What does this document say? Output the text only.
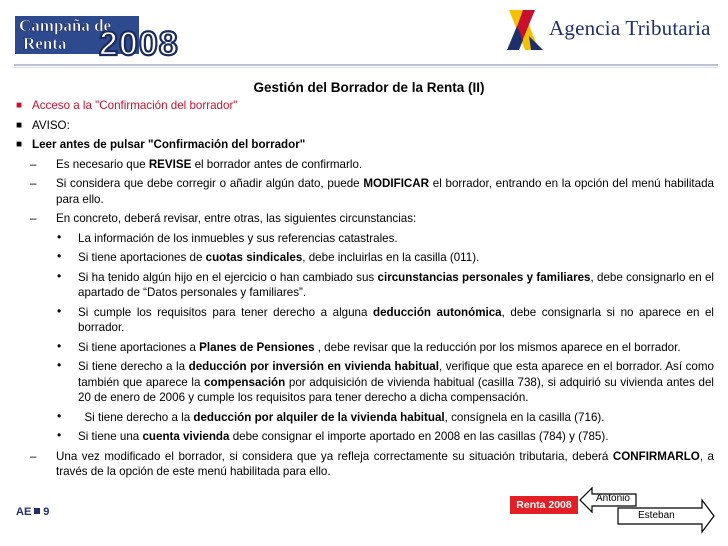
Campaña de
Renta 2008	Agencia Tributaria
Gestión del Borrador de la Renta (II)
■ Acceso a la "Confirmación del borrador"
■ AVISO:
■ Leer antes de pulsar "Confirmación del borrador"
– Es necesario que REVISE el borrador antes de confirmarlo.
– Si considera que debe corregir o añadir algún dato, puede MODIFICAR el borrador, entrando en la opción del menú habilitada para ello.
– En concreto, deberá revisar, entre otras, las siguientes circunstancias:
• La información de los inmuebles y sus referencias catastrales.
• Si tiene aportaciones de cuotas sindicales, debe incluirlas en la casilla (011).
• Si ha tenido algún hijo en el ejercicio o han cambiado sus circunstancias personales y familiares, debe consignarlo en el apartado de “Datos personales y familiares”.
• Si cumple los requisitos para tener derecho a alguna deducción autonómica, debe consignarla si no aparece en el borrador.
• Si tiene aportaciones a Planes de Pensiones , debe revisar que la reducción por los mismos aparece en el borrador.
• Si tiene derecho a la deducción por inversión en vivienda habitual, verifique que esta aparece en el borrador. Así como también que aparece la compensación por adquisición de vivienda habitual (casilla 738), si adquirió su vivienda antes del 20 de enero de 2006 y cumple los requisitos para tener derecho a dicha compensación.
• Si tiene derecho a la deducción por alquiler de la vivienda habitual, consígnela en la casilla (716).
• Si tiene una cuenta vivienda debe consignar el importe aportado en 2008 en las casillas (784) y (785).
– Una vez modificado el borrador, si considera que ya refleja correctamente su situación tributaria, deberá CONFIRMARLO, a través de la opción de este menú habilitada para ello.
AE 9
Renta 2008
Antonio
Esteban
